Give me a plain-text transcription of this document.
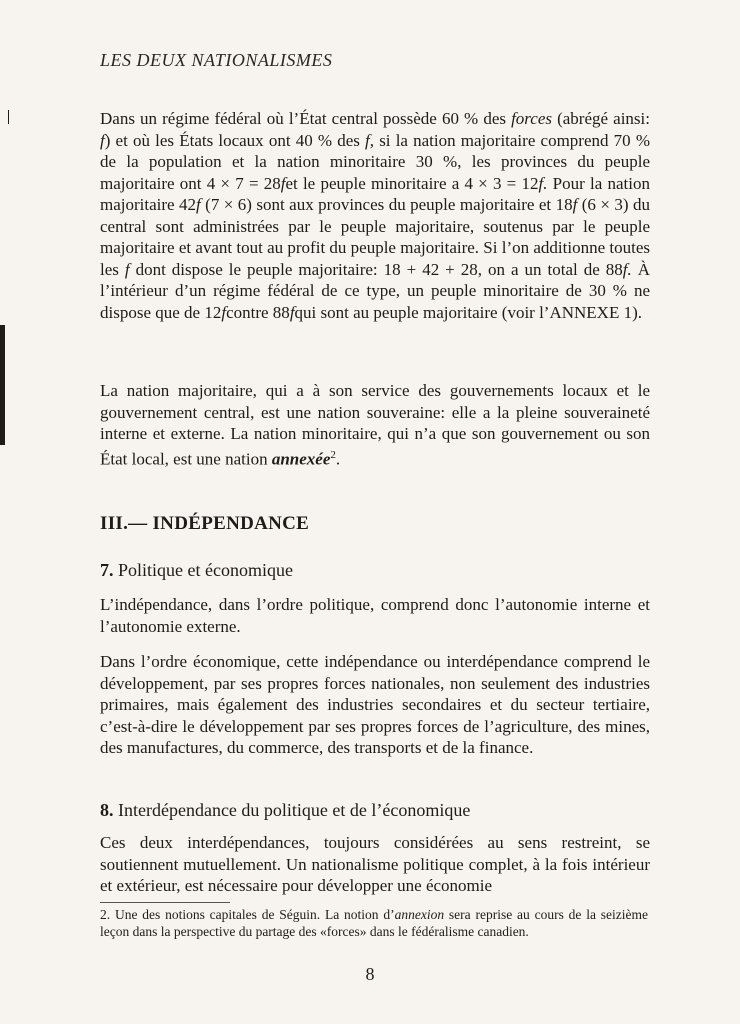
LES DEUX NATIONALISMES

Dans un régime fédéral où l’État central possède 60 % des forces (abrégé ainsi: f) et où les États locaux ont 40 % des f, si la nation majoritaire comprend 70 % de la population et la nation minoritaire 30 %, les provinces du peuple majoritaire ont 4 × 7 = 28fet le peuple minoritaire a 4 × 3 = 12f. Pour la nation majoritaire 42f (7 × 6) sont aux provinces du peuple majoritaire et 18f (6 × 3) du central sont administrées par le peuple majoritaire, soutenus par le peuple majoritaire et avant tout au profit du peuple majoritaire. Si l’on additionne toutes les f dont dispose le peuple majoritaire: 18 + 42 + 28, on a un total de 88f. À l’intérieur d’un régime fédéral de ce type, un peuple minoritaire de 30 % ne dispose que de 12fcontre 88fqui sont au peuple majoritaire (voir l’ANNEXE 1).

La nation majoritaire, qui a à son service des gouvernements locaux et le gouvernement central, est une nation souveraine: elle a la pleine souveraineté interne et externe. La nation minoritaire, qui n’a que son gouvernement ou son État local, est une nation annexée$^2$.

III.— INDÉPENDANCE
7. Politique et économique

L’indépendance, dans l’ordre politique, comprend donc l’autonomie interne et l’autonomie externe.

Dans l’ordre économique, cette indépendance ou interdépendance comprend le développement, par ses propres forces nationales, non seulement des industries primaires, mais également des industries secondaires et du secteur tertiaire, c’est-à-dire le développement par ses propres forces de l’agriculture, des mines, des manufactures, du commerce, des transports et de la finance.

8. Interdépendance du politique et de l’économique

Ces deux interdépendances, toujours considérées au sens restreint, se soutiennent mutuellement. Un nationalisme politique complet, à la fois intérieur et extérieur, est nécessaire pour développer une économie

2. Une des notions capitales de Séguin. La notion d’annexion sera reprise au cours de la seizième leçon dans la perspective du partage des «forces» dans le fédéralisme canadien.
8
